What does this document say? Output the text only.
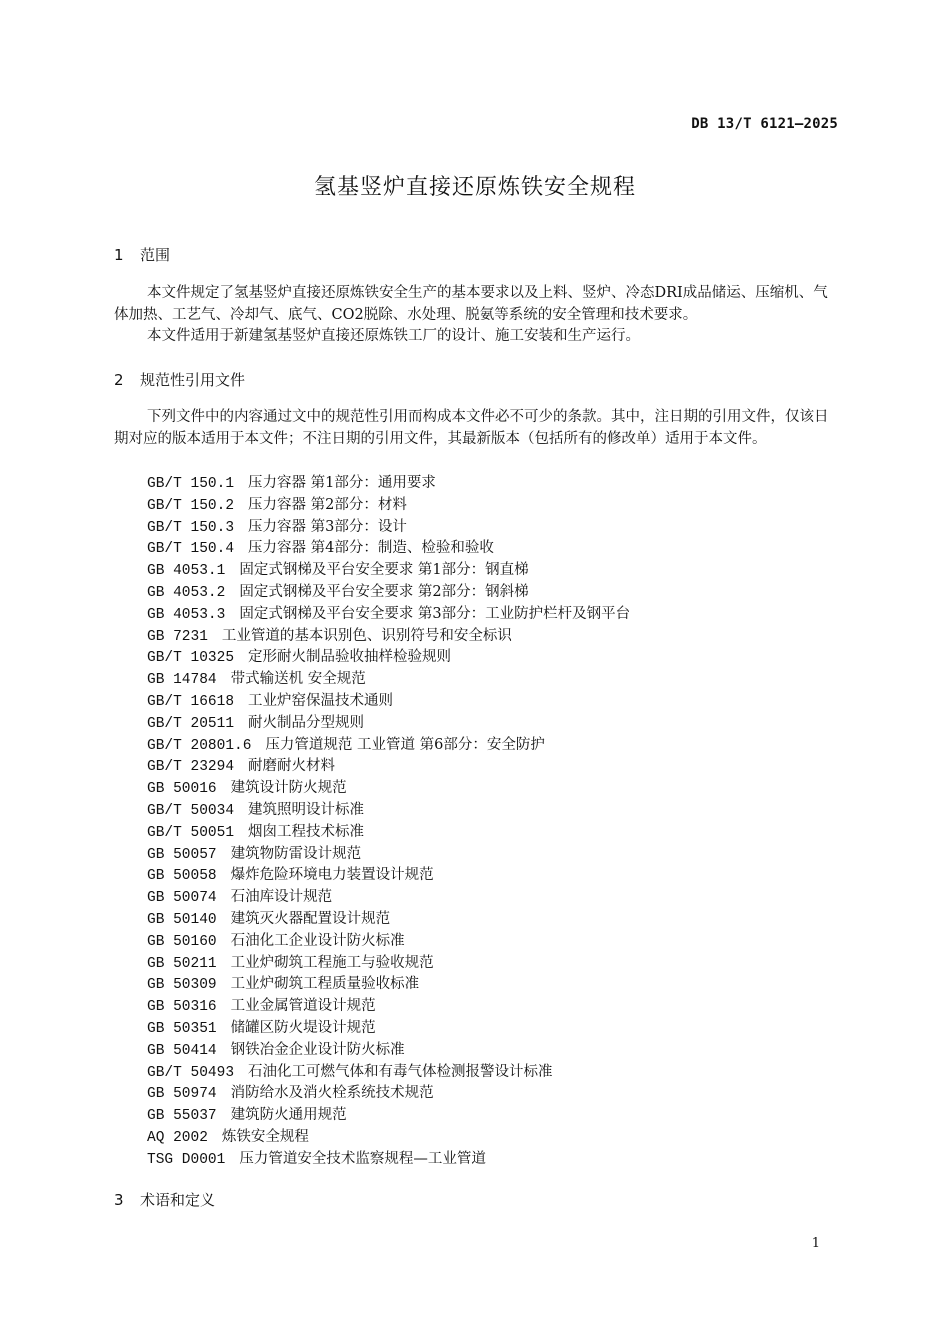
DB 13/T 6121—2025
氢基竖炉直接还原炼铁安全规程
1 范围

本文件规定了氢基竖炉直接还原炼铁安全生产的基本要求以及上料、竖炉、冷态DRI成品储运、压缩机、气体加热、工艺气、冷却气、底气、CO2脱除、水处理、脱氨等系统的安全管理和技术要求。

本文件适用于新建氢基竖炉直接还原炼铁工厂的设计、施工安装和生产运行。

2 规范性引用文件

下列文件中的内容通过文中的规范性引用而构成本文件必不可少的条款。其中，注日期的引用文件，仅该日期对应的版本适用于本文件；不注日期的引用文件，其最新版本（包括所有的修改单）适用于本文件。

GB/T 150.1 压力容器 第1部分：通用要求
GB/T 150.2 压力容器 第2部分：材料
GB/T 150.3 压力容器 第3部分：设计
GB/T 150.4 压力容器 第4部分：制造、检验和验收
GB 4053.1 固定式钢梯及平台安全要求 第1部分：钢直梯
GB 4053.2 固定式钢梯及平台安全要求 第2部分：钢斜梯
GB 4053.3 固定式钢梯及平台安全要求 第3部分：工业防护栏杆及钢平台
GB 7231 工业管道的基本识别色、识别符号和安全标识
GB/T 10325 定形耐火制品验收抽样检验规则
GB 14784 带式输送机 安全规范
GB/T 16618 工业炉窑保温技术通则
GB/T 20511 耐火制品分型规则
GB/T 20801.6 压力管道规范 工业管道 第6部分：安全防护
GB/T 23294 耐磨耐火材料
GB 50016 建筑设计防火规范
GB/T 50034 建筑照明设计标准
GB/T 50051 烟囱工程技术标准
GB 50057 建筑物防雷设计规范
GB 50058 爆炸危险环境电力装置设计规范
GB 50074 石油库设计规范
GB 50140 建筑灭火器配置设计规范
GB 50160 石油化工企业设计防火标准
GB 50211 工业炉砌筑工程施工与验收规范
GB 50309 工业炉砌筑工程质量验收标准
GB 50316 工业金属管道设计规范
GB 50351 储罐区防火堤设计规范
GB 50414 钢铁冶金企业设计防火标准
GB/T 50493 石油化工可燃气体和有毒气体检测报警设计标准
GB 50974 消防给水及消火栓系统技术规范
GB 55037 建筑防火通用规范
AQ 2002 炼铁安全规程
TSG D0001 压力管道安全技术监察规程—工业管道
3 术语和定义
1
